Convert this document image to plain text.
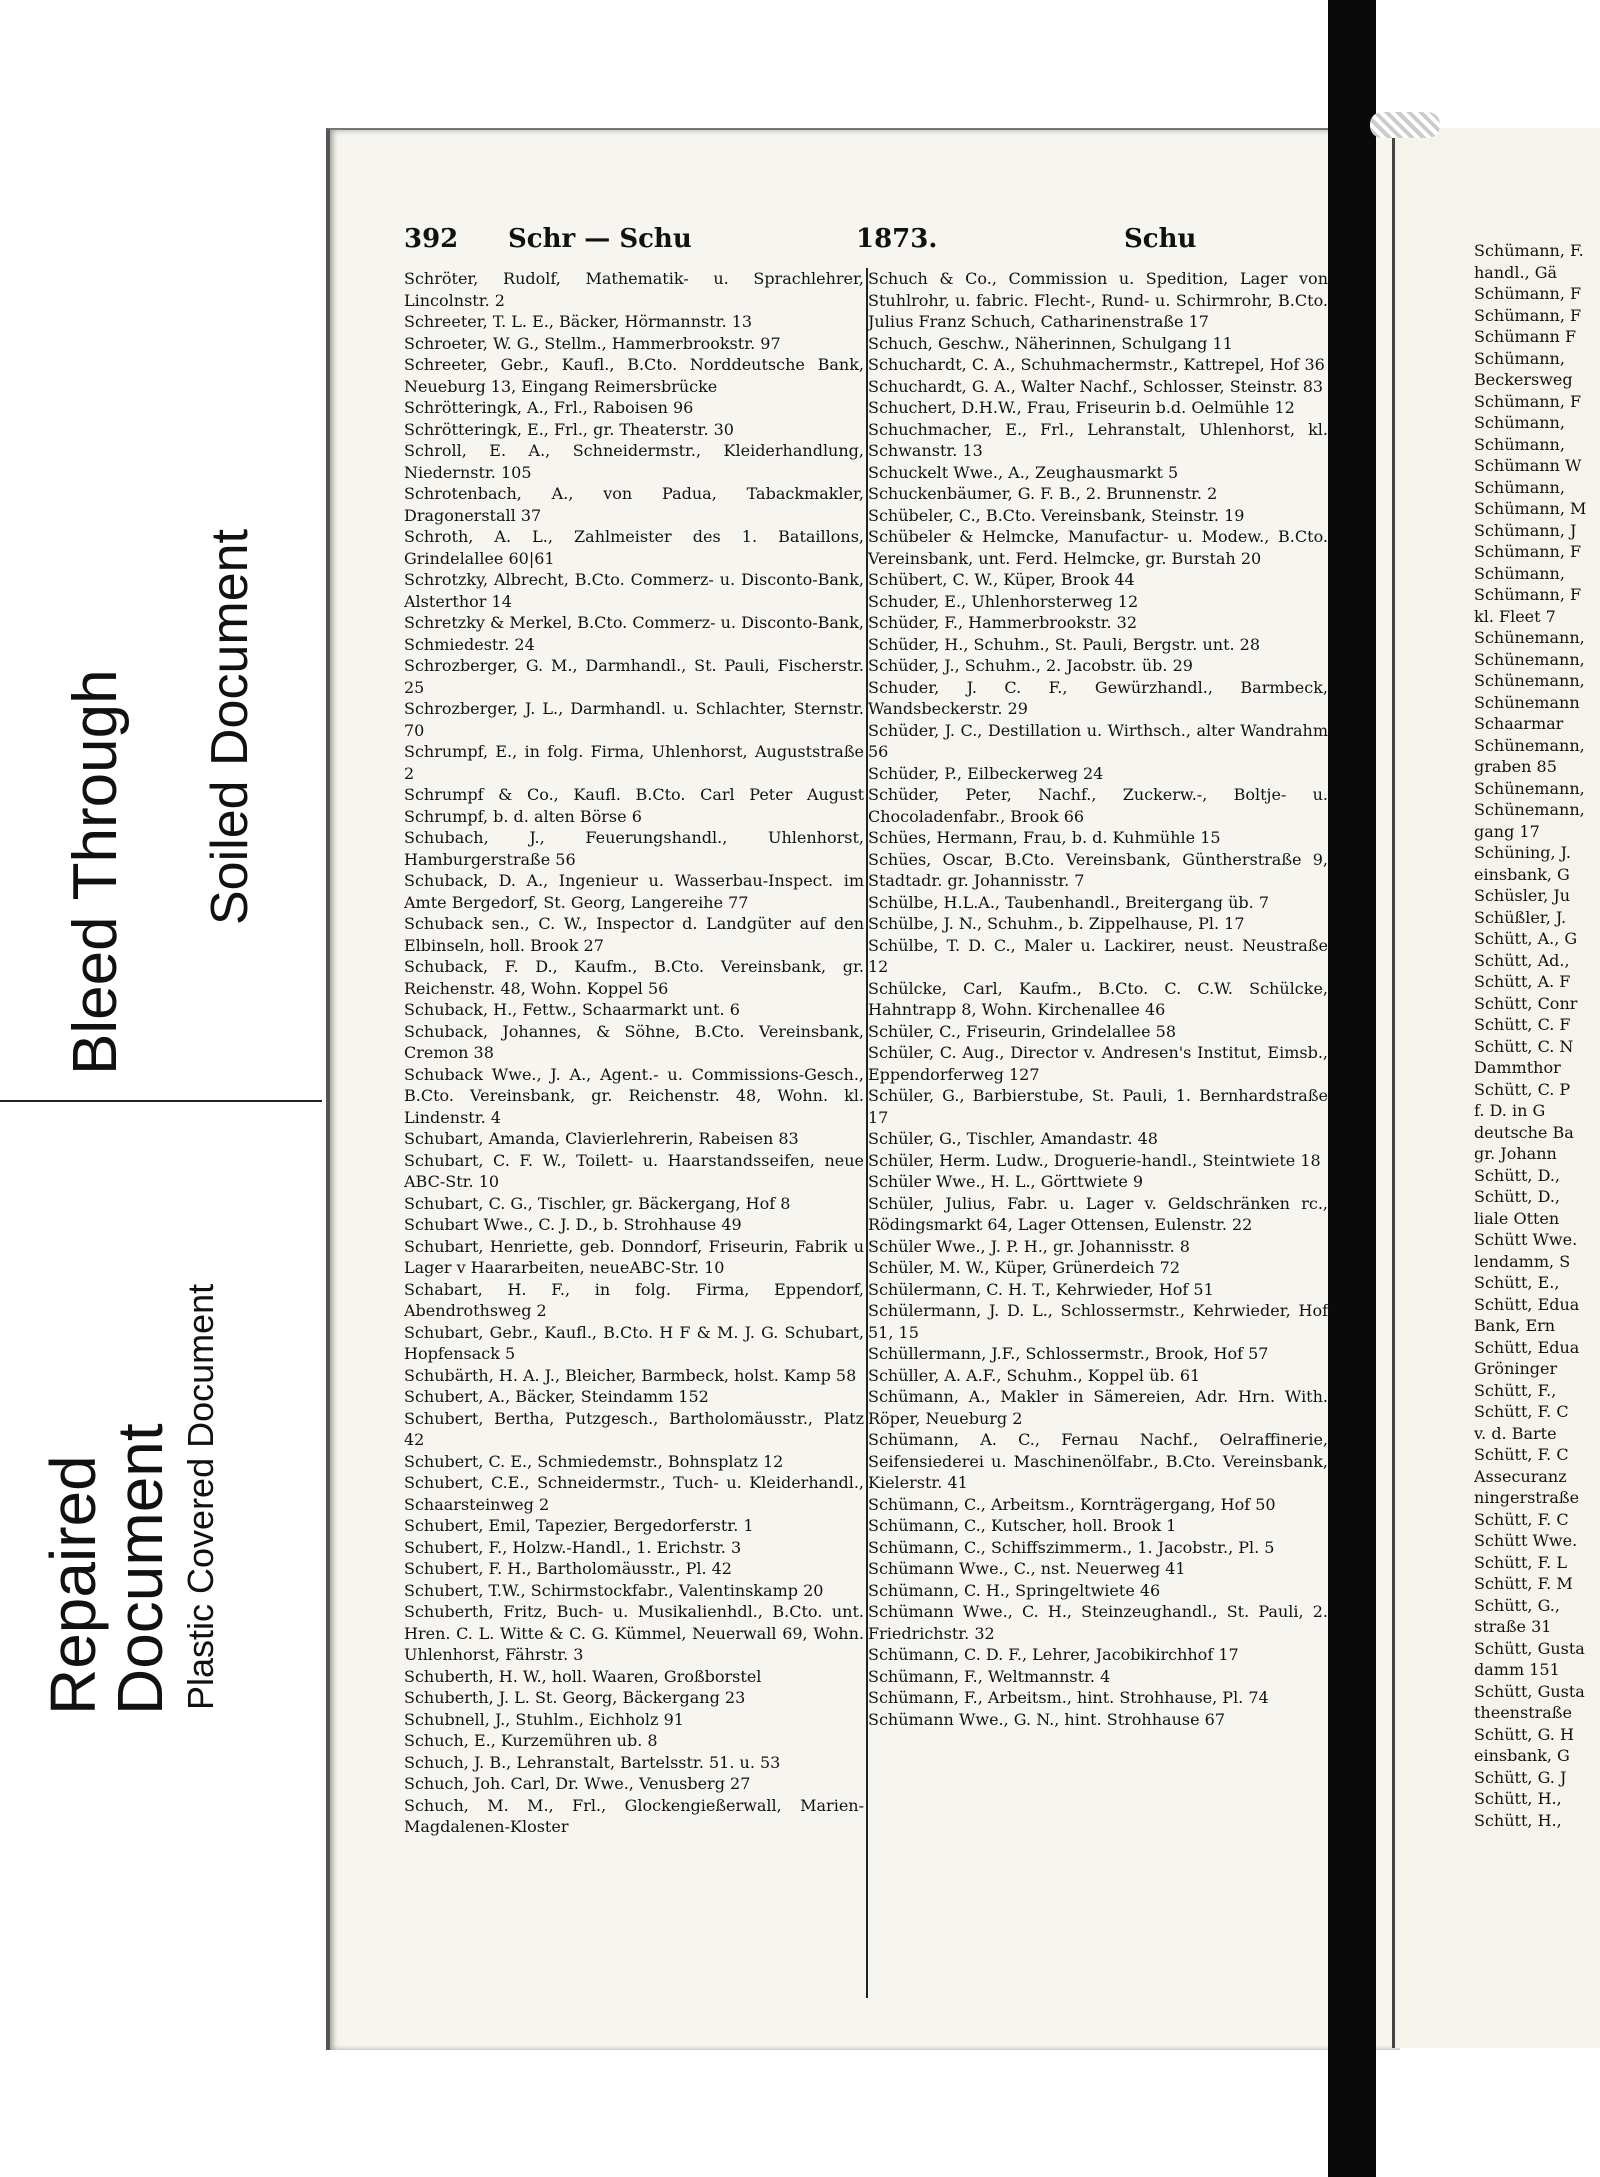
Bleed Through Soiled Document
Repaired Document Plastic Covered Document
392 Schr — Schu	1873.	Schu
Schröter, Rudolf, Mathematik- u. Sprachlehrer, Lincolnstr. 2
Schreeter, T. L. E., Bäcker, Hörmannstr. 13
Schroeter, W. G., Stellm., Hammerbrookstr. 97
Schreeter, Gebr., Kaufl., B.Cto. Norddeutsche Bank, Neueburg 13, Eingang Reimersbrücke
Schrötteringk, A., Frl., Raboisen 96
Schrötteringk, E., Frl., gr. Theaterstr. 30
Schroll, E. A., Schneidermstr., Kleiderhandlung, Niedernstr. 105
Schrotenbach, A., von Padua, Tabackmakler, Dragonerstall 37
Schroth, A. L., Zahlmeister des 1. Bataillons, Grindelallee 60|61
Schrotzky, Albrecht, B.Cto. Commerz- u. Disconto-Bank, Alsterthor 14
Schretzky & Merkel, B.Cto. Commerz- u. Disconto-Bank, Schmiedestr. 24
Schrozberger, G. M., Darmhandl., St. Pauli, Fischerstr. 25
Schrozberger, J. L., Darmhandl. u. Schlachter, Sternstr. 70
Schrumpf, E., in folg. Firma, Uhlenhorst, Auguststraße 2
Schrumpf & Co., Kaufl. B.Cto. Carl Peter August Schrumpf, b. d. alten Börse 6
Schubach, J., Feuerungshandl., Uhlenhorst, Hamburgerstraße 56
Schuback, D. A., Ingenieur u. Wasserbau-Inspect. im Amte Bergedorf, St. Georg, Langereihe 77
Schuback sen., C. W., Inspector d. Landgüter auf den Elbinseln, holl. Brook 27
Schuback, F. D., Kaufm., B.Cto. Vereinsbank, gr. Reichenstr. 48, Wohn. Koppel 56
Schuback, H., Fettw., Schaarmarkt unt. 6
Schuback, Johannes, & Söhne, B.Cto. Vereinsbank, Cremon 38
Schuback Wwe., J. A., Agent.- u. Commissions-Gesch., B.Cto. Vereinsbank, gr. Reichenstr. 48, Wohn. kl. Lindenstr. 4
Schubart, Amanda, Clavierlehrerin, Rabeisen 83
Schubart, C. F. W., Toilett- u. Haarstandsseifen, neue ABC-Str. 10
Schubart, C. G., Tischler, gr. Bäckergang, Hof 8
Schubart Wwe., C. J. D., b. Strohhause 49
Schubart, Henriette, geb. Donndorf, Friseurin, Fabrik u Lager v Haararbeiten, neueABC-Str. 10
Schabart, H. F., in folg. Firma, Eppendorf, Abendrothsweg 2
Schubart, Gebr., Kaufl., B.Cto. H F & M. J. G. Schubart, Hopfensack 5
Schubärth, H. A. J., Bleicher, Barmbeck, holst. Kamp 58
Schubert, A., Bäcker, Steindamm 152
Schubert, Bertha, Putzgesch., Bartholomäusstr., Platz 42
Schubert, C. E., Schmiedemstr., Bohnsplatz 12
Schubert, C.E., Schneidermstr., Tuch- u. Kleiderhandl., Schaarsteinweg 2
Schubert, Emil, Tapezier, Bergedorferstr. 1
Schubert, F., Holzw.-Handl., 1. Erichstr. 3
Schubert, F. H., Bartholomäusstr., Pl. 42
Schubert, T.W., Schirmstockfabr., Valentinskamp 20
Schuberth, Fritz, Buch- u. Musikalienhdl., B.Cto. unt. Hren. C. L. Witte & C. G. Kümmel, Neuerwall 69, Wohn. Uhlenhorst, Fährstr. 3
Schuberth, H. W., holl. Waaren, Großborstel
Schuberth, J. L. St. Georg, Bäckergang 23
Schubnell, J., Stuhlm., Eichholz 91
Schuch, E., Kurzemühren ub. 8
Schuch, J. B., Lehranstalt, Bartelsstr. 51. u. 53
Schuch, Joh. Carl, Dr. Wwe., Venusberg 27
Schuch, M. M., Frl., Glockengießerwall, Marien-Magdalenen-Kloster
Schuch & Co., Commission u. Spedition, Lager von Stuhlrohr, u. fabric. Flecht-, Rund- u. Schirmrohr, B.Cto. Julius Franz Schuch, Catharinenstraße 17
Schuch, Geschw., Näherinnen, Schulgang 11
Schuchardt, C. A., Schuhmachermstr., Kattrepel, Hof 36
Schuchardt, G. A., Walter Nachf., Schlosser, Steinstr. 83
Schuchert, D.H.W., Frau, Friseurin b.d. Oelmühle 12
Schuchmacher, E., Frl., Lehranstalt, Uhlenhorst, kl. Schwanstr. 13
Schuckelt Wwe., A., Zeughausmarkt 5
Schuckenbäumer, G. F. B., 2. Brunnenstr. 2
Schübeler, C., B.Cto. Vereinsbank, Steinstr. 19
Schübeler & Helmcke, Manufactur- u. Modew., B.Cto. Vereinsbank, unt. Ferd. Helmcke, gr. Burstah 20
Schübert, C. W., Küper, Brook 44
Schuder, E., Uhlenhorsterweg 12
Schüder, F., Hammerbrookstr. 32
Schüder, H., Schuhm., St. Pauli, Bergstr. unt. 28
Schüder, J., Schuhm., 2. Jacobstr. üb. 29
Schuder, J. C. F., Gewürzhandl., Barmbeck, Wandsbeckerstr. 29
Schüder, J. C., Destillation u. Wirthsch., alter Wandrahm 56
Schüder, P., Eilbeckerweg 24
Schüder, Peter, Nachf., Zuckerw.-, Boltje- u. Chocoladenfabr., Brook 66
Schües, Hermann, Frau, b. d. Kuhmühle 15
Schües, Oscar, B.Cto. Vereinsbank, Güntherstraße 9, Stadtadr. gr. Johannisstr. 7
Schülbe, H.L.A., Taubenhandl., Breitergang üb. 7
Schülbe, J. N., Schuhm., b. Zippelhause, Pl. 17
Schülbe, T. D. C., Maler u. Lackirer, neust. Neustraße 12
Schülcke, Carl, Kaufm., B.Cto. C. C.W. Schülcke, Hahntrapp 8, Wohn. Kirchenallee 46
Schüler, C., Friseurin, Grindelallee 58
Schüler, C. Aug., Director v. Andresen's Institut, Eimsb., Eppendorferweg 127
Schüler, G., Barbierstube, St. Pauli, 1. Bernhardstraße 17
Schüler, G., Tischler, Amandastr. 48
Schüler, Herm. Ludw., Droguerie-handl., Steintwiete 18
Schüler Wwe., H. L., Görttwiete 9
Schüler, Julius, Fabr. u. Lager v. Geldschränken rc., Rödingsmarkt 64, Lager Ottensen, Eulenstr. 22
Schüler Wwe., J. P. H., gr. Johannisstr. 8
Schüler, M. W., Küper, Grünerdeich 72
Schülermann, C. H. T., Kehrwieder, Hof 51
Schülermann, J. D. L., Schlossermstr., Kehrwieder, Hof 51, 15
Schüllermann, J.F., Schlossermstr., Brook, Hof 57
Schüller, A. A.F., Schuhm., Koppel üb. 61
Schümann, A., Makler in Sämereien, Adr. Hrn. With. Röper, Neueburg 2
Schümann, A. C., Fernau Nachf., Oelraffinerie, Seifensiederei u. Maschinenölfabr., B.Cto. Vereinsbank, Kielerstr. 41
Schümann, C., Arbeitsm., Kornträgergang, Hof 50
Schümann, C., Kutscher, holl. Brook 1
Schümann, C., Schiffszimmerm., 1. Jacobstr., Pl. 5
Schümann Wwe., C., nst. Neuerweg 41
Schümann, C. H., Springeltwiete 46
Schümann Wwe., C. H., Steinzeughandl., St. Pauli, 2. Friedrichstr. 32
Schümann, C. D. F., Lehrer, Jacobikirchhof 17
Schümann, F., Weltmannstr. 4
Schümann, F., Arbeitsm., hint. Strohhause, Pl. 74
Schümann Wwe., G. N., hint. Strohhause 67
Schümann, F.
handl., Gä
Schümann, F
Schümann, F
Schümann F
Schümann,
Beckersweg
Schümann, F
Schümann,
Schümann,
Schümann W
Schümann,
Schümann, M
Schümann, J
Schümann, F
Schümann,
Schümann, F
kl. Fleet 7
Schünemann,
Schünemann,
Schünemann,
Schünemann
Schaarmar
Schünemann,
graben 85
Schünemann,
Schünemann,
gang 17
Schüning, J.
einsbank, G
Schüsler, Ju
Schüßler, J.
Schütt, A., G
Schütt, Ad.,
Schütt, A. F
Schütt, Conr
Schütt, C. F
Schütt, C. N
Dammthor
Schütt, C. P
f. D. in G
deutsche Ba
gr. Johann
Schütt, D.,
Schütt, D.,
liale Otten
Schütt Wwe.
lendamm, S
Schütt, E.,
Schütt, Edua
Bank, Ern
Schütt, Edua
Gröninger
Schütt, F.,
Schütt, F. C
v. d. Barte
Schütt, F. C
Assecuranz
ningerstraße
Schütt, F. C
Schütt Wwe.
Schütt, F. L
Schütt, F. M
Schütt, G.,
straße 31
Schütt, Gusta
damm 151
Schütt, Gusta
theenstraße
Schütt, G. H
einsbank, G
Schütt, G. J
Schütt, H.,
Schütt, H.,
